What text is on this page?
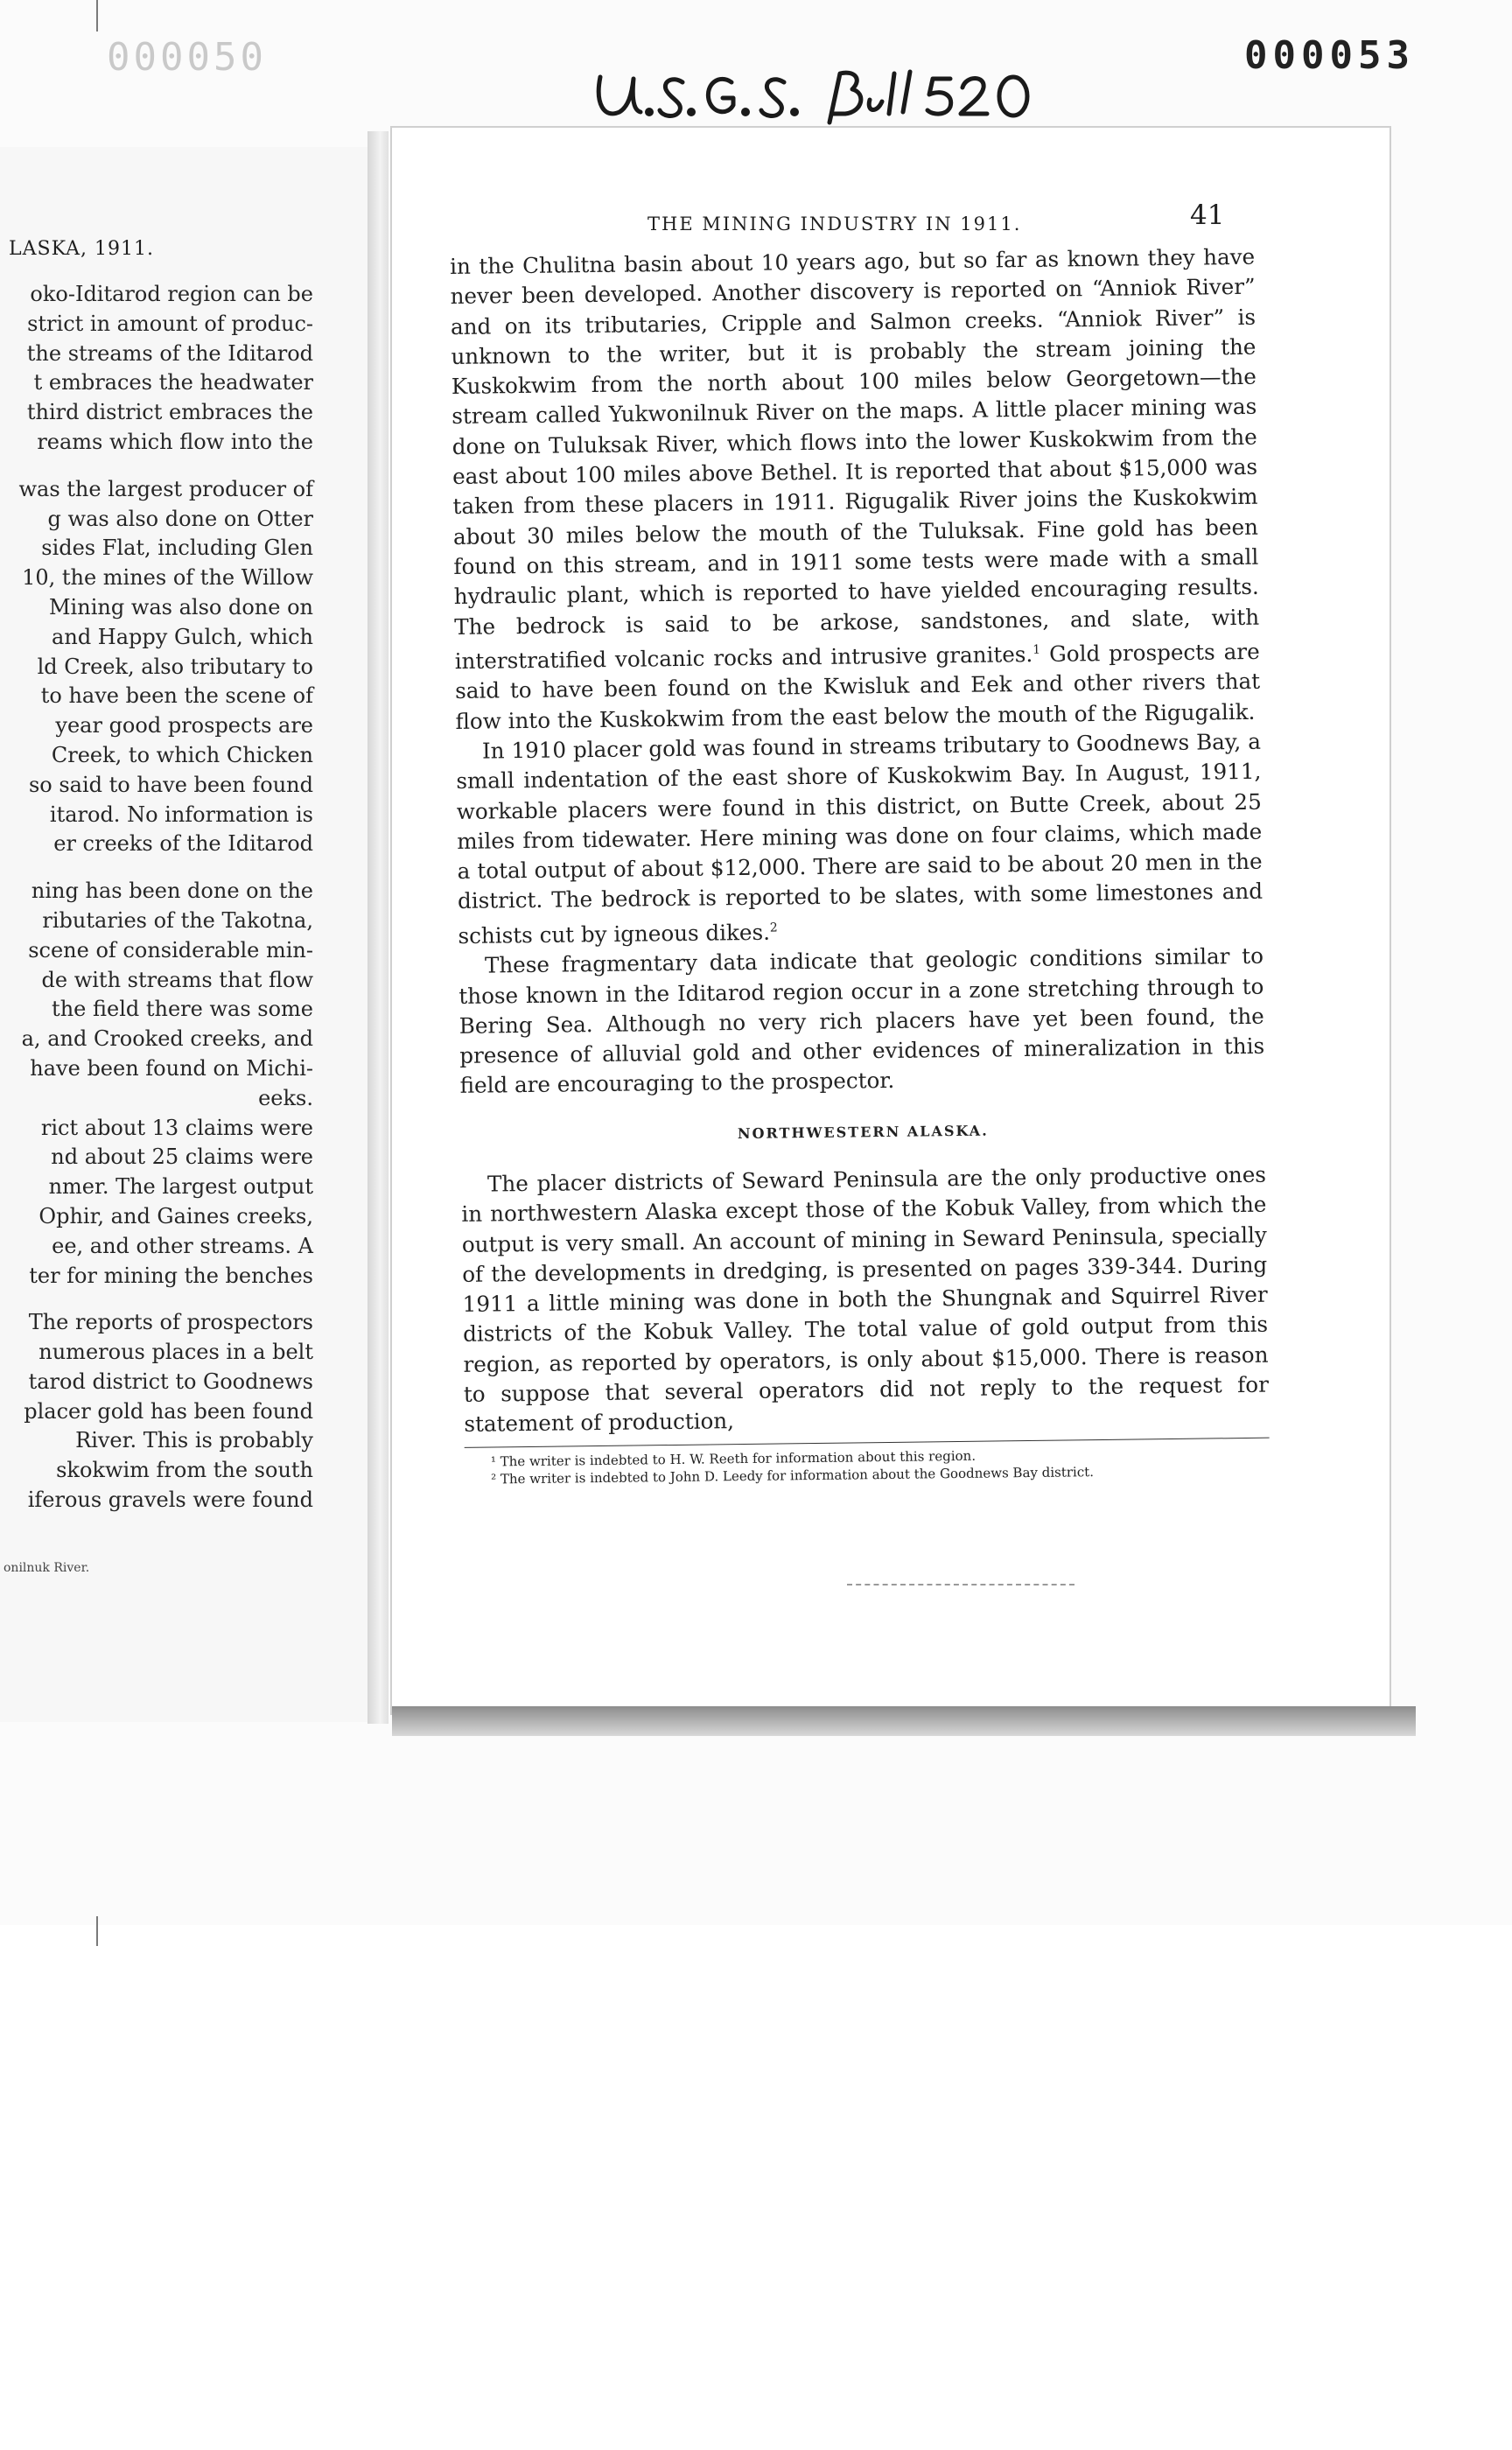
000050	000053
LASKA, 1911.
oko-Iditarod region can be
strict in amount of produc-
the streams of the Iditarod
t embraces the headwater
third district embraces the
reams which flow into the
was the largest producer of
g was also done on Otter
sides Flat, including Glen
10, the mines of the Willow
Mining was also done on
and Happy Gulch, which
ld Creek, also tributary to
to have been the scene of
year good prospects are
Creek, to which Chicken
so said to have been found
itarod. No information is
er creeks of the Iditarod
ning has been done on the
ributaries of the Takotna,
scene of considerable min-
de with streams that flow
the field there was some
a, and Crooked creeks, and
have been found on Michi-
eeks.
rict about 13 claims were
nd about 25 claims were
nmer. The largest output
Ophir, and Gaines creeks,
ee, and other streams. A
ter for mining the benches
The reports of prospectors
numerous places in a belt
tarod district to Goodnews
placer gold has been found
River. This is probably
skokwim from the south
iferous gravels were found
onilnuk River.
THE MINING INDUSTRY IN 1911.	41

in the Chulitna basin about 10 years ago, but so far as known they have never been developed. Another discovery is reported on “Anniok River” and on its tributaries, Cripple and Salmon creeks. “Anniok River” is unknown to the writer, but it is probably the stream joining the Kuskokwim from the north about 100 miles below Georgetown—the stream called Yukwonilnuk River on the maps. A little placer mining was done on Tuluksak River, which flows into the lower Kuskokwim from the east about 100 miles above Bethel. It is reported that about $15,000 was taken from these placers in 1911. Rigugalik River joins the Kuskokwim about 30 miles below the mouth of the Tuluksak. Fine gold has been found on this stream, and in 1911 some tests were made with a small hydraulic plant, which is reported to have yielded encouraging results. The bedrock is said to be arkose, sandstones, and slate, with interstratified volcanic rocks and intrusive granites.$^1$ Gold prospects are said to have been found on the Kwisluk and Eek and other rivers that flow into the Kuskokwim from the east below the mouth of the Rigugalik.

In 1910 placer gold was found in streams tributary to Goodnews Bay, a small indentation of the east shore of Kuskokwim Bay. In August, 1911, workable placers were found in this district, on Butte Creek, about 25 miles from tidewater. Here mining was done on four claims, which made a total output of about $12,000. There are said to be about 20 men in the district. The bedrock is reported to be slates, with some limestones and schists cut by igneous dikes.$^2$

These fragmentary data indicate that geologic conditions similar to those known in the Iditarod region occur in a zone stretching through to Bering Sea. Although no very rich placers have yet been found, the presence of alluvial gold and other evidences of mineralization in this field are encouraging to the prospector.

NORTHWESTERN ALASKA.

The placer districts of Seward Peninsula are the only productive ones in northwestern Alaska except those of the Kobuk Valley, from which the output is very small. An account of mining in Seward Peninsula, specially of the developments in dredging, is presented on pages 339-344. During 1911 a little mining was done in both the Shungnak and Squirrel River districts of the Kobuk Valley. The total value of gold output from this region, as reported by operators, is only about $15,000. There is reason to suppose that several operators did not reply to the request for statement of production,

¹ The writer is indebted to H. W. Reeth for information about this region.
² The writer is indebted to John D. Leedy for information about the Goodnews Bay district.
